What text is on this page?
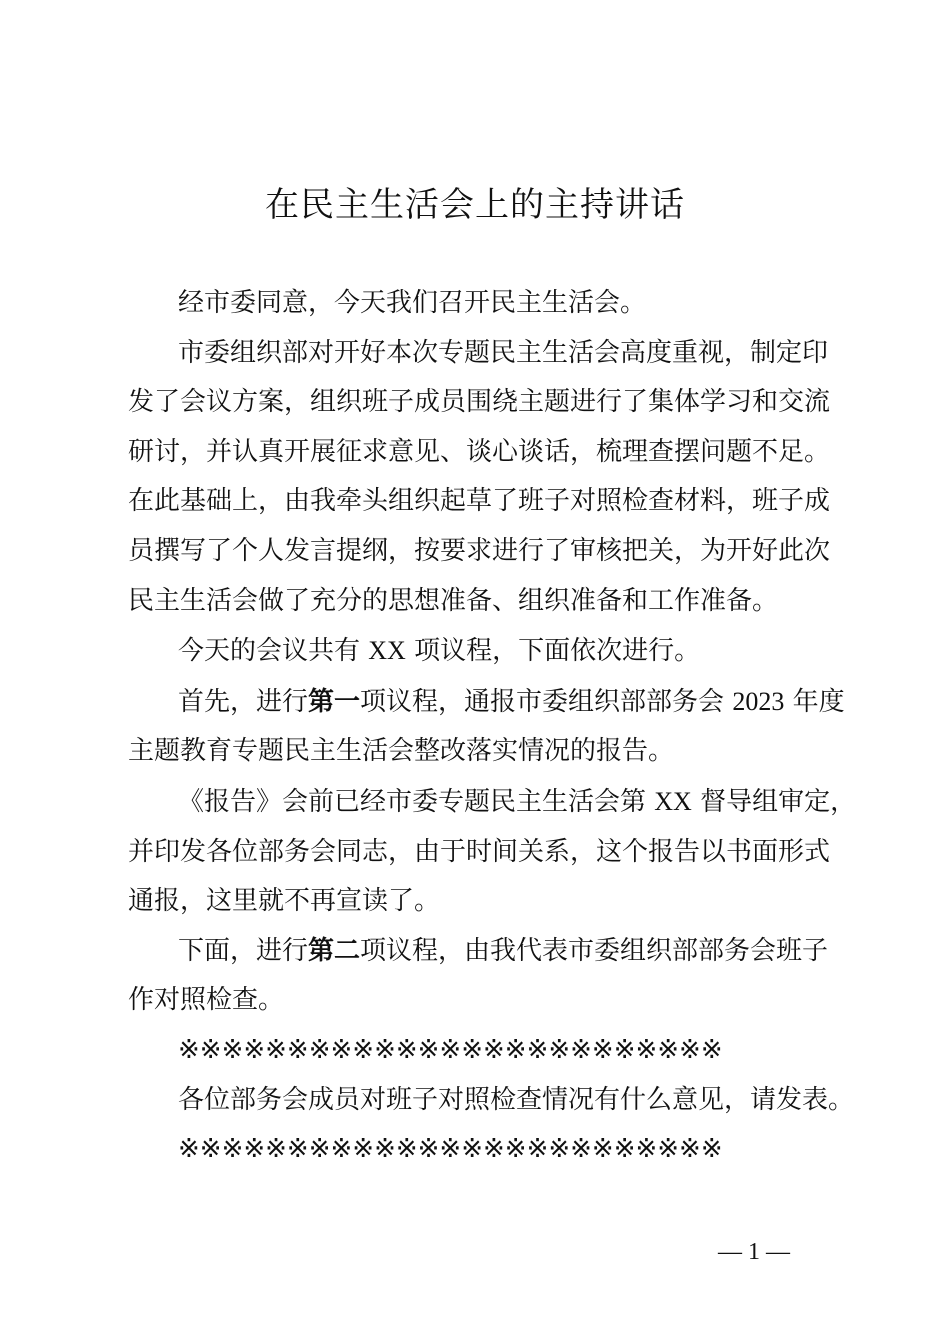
在民主生活会上的主持讲话
经市委同意，今天我们召开民主生活会。
市委组织部对开好本次专题民主生活会高度重视，制定印
发了会议方案，组织班子成员围绕主题进行了集体学习和交流
研讨，并认真开展征求意见、谈心谈话，梳理查摆问题不足。
在此基础上，由我牵头组织起草了班子对照检查材料，班子成
员撰写了个人发言提纲，按要求进行了审核把关，为开好此次
民主生活会做了充分的思想准备、组织准备和工作准备。
今天的会议共有 XX 项议程，下面依次进行。
首先，进行第一项议程，通报市委组织部部务会 2023 年度
主题教育专题民主生活会整改落实情况的报告。
《报告》会前已经市委专题民主生活会第 XX 督导组审定，
并印发各位部务会同志，由于时间关系，这个报告以书面形式
通报，这里就不再宣读了。
下面，进行第二项议程，由我代表市委组织部部务会班子
作对照检查。
※※※※※※※※※※※※※※※※※※※※※※※※※
各位部务会成员对班子对照检查情况有什么意见，请发表。
※※※※※※※※※※※※※※※※※※※※※※※※※
— 1 —
